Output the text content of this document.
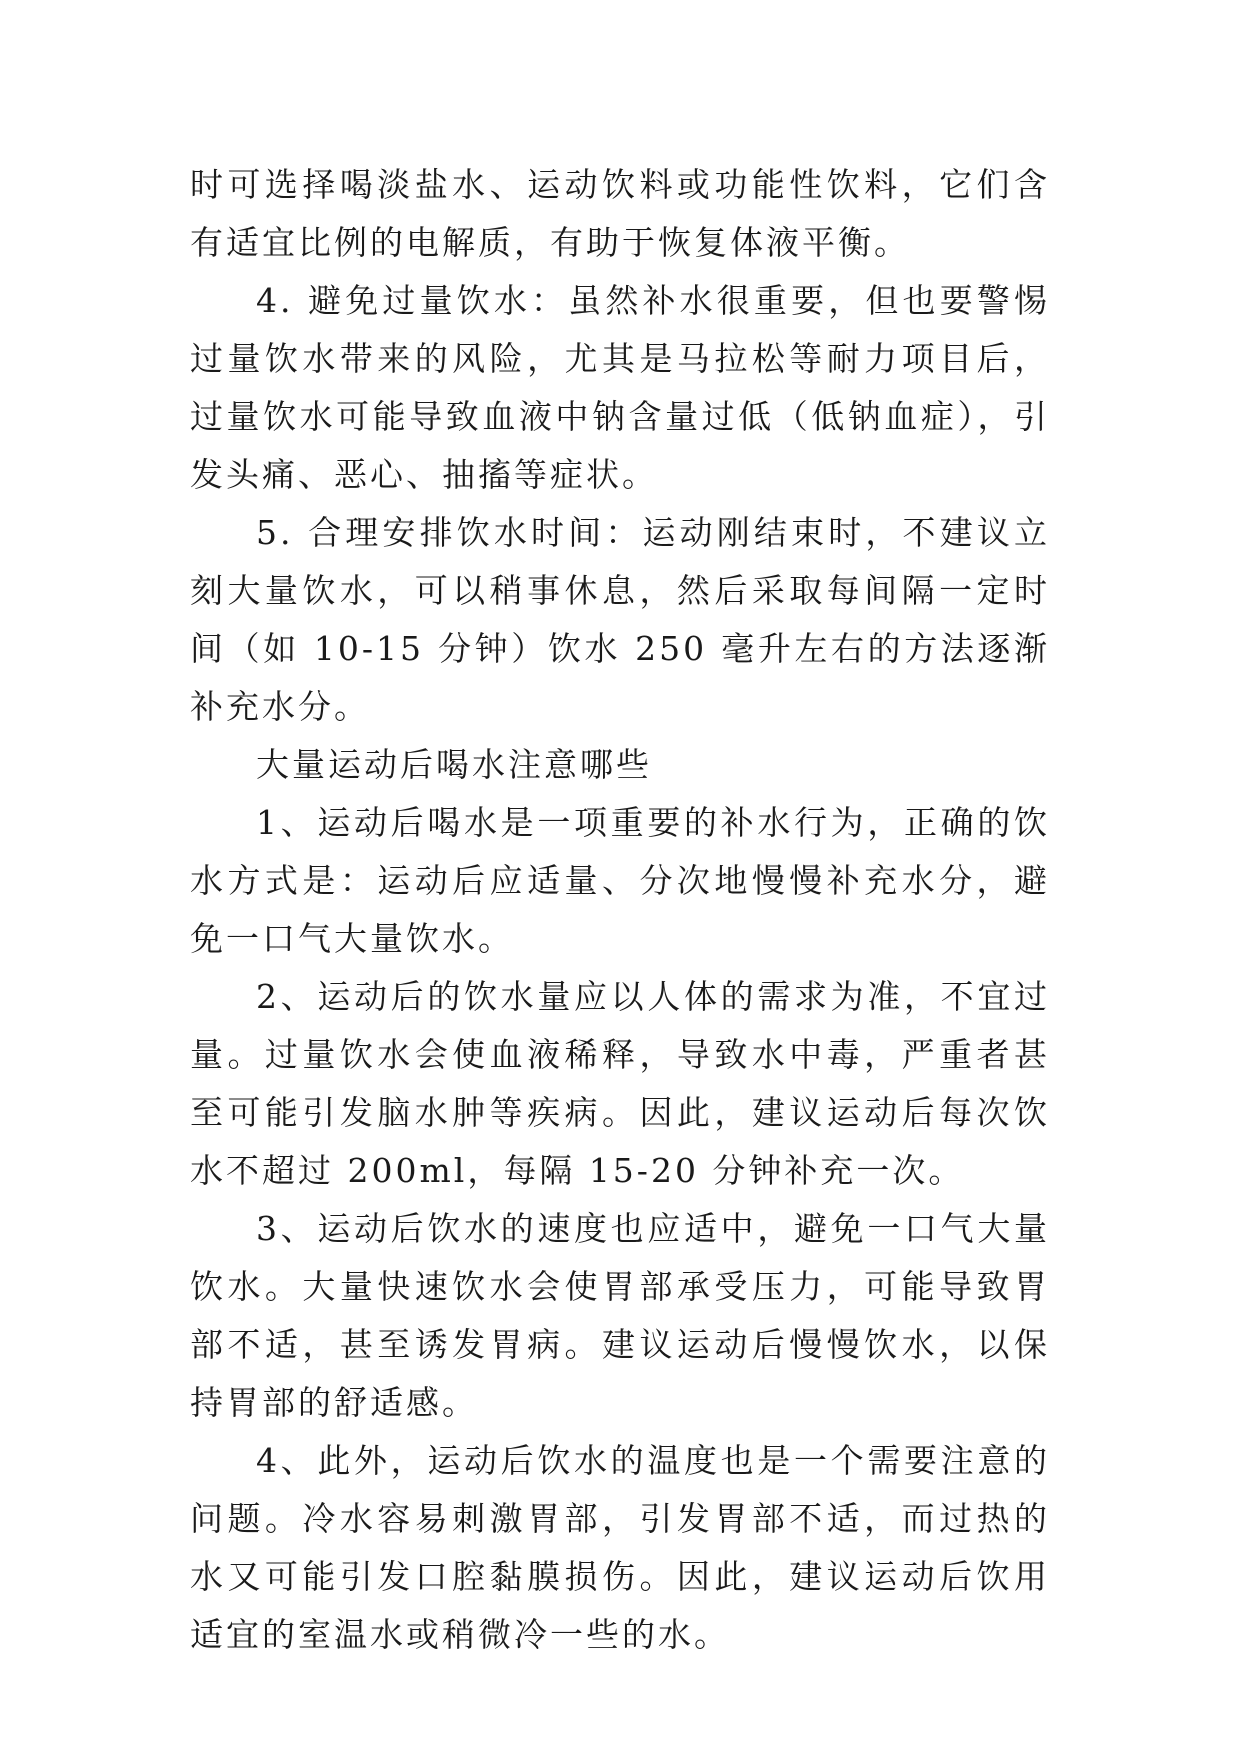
时可选择喝淡盐水、运动饮料或功能性饮料，它们含有适宜比例的电解质，有助于恢复体液平衡。

4. 避免过量饮水：虽然补水很重要，但也要警惕过量饮水带来的风险，尤其是马拉松等耐力项目后，过量饮水可能导致血液中钠含量过低（低钠血症），引发头痛、恶心、抽搐等症状。

5. 合理安排饮水时间：运动刚结束时，不建议立刻大量饮水，可以稍事休息，然后采取每间隔一定时间（如 10-15 分钟）饮水 250 毫升左右的方法逐渐补充水分。

大量运动后喝水注意哪些

1、运动后喝水是一项重要的补水行为，正确的饮水方式是：运动后应适量、分次地慢慢补充水分，避免一口气大量饮水。

2、运动后的饮水量应以人体的需求为准，不宜过量。过量饮水会使血液稀释，导致水中毒，严重者甚至可能引发脑水肿等疾病。因此，建议运动后每次饮水不超过 200ml，每隔 15-20 分钟补充一次。

3、运动后饮水的速度也应适中，避免一口气大量饮水。大量快速饮水会使胃部承受压力，可能导致胃部不适，甚至诱发胃病。建议运动后慢慢饮水，以保持胃部的舒适感。

4、此外，运动后饮水的温度也是一个需要注意的问题。冷水容易刺激胃部，引发胃部不适，而过热的水又可能引发口腔黏膜损伤。因此，建议运动后饮用适宜的室温水或稍微冷一些的水。
